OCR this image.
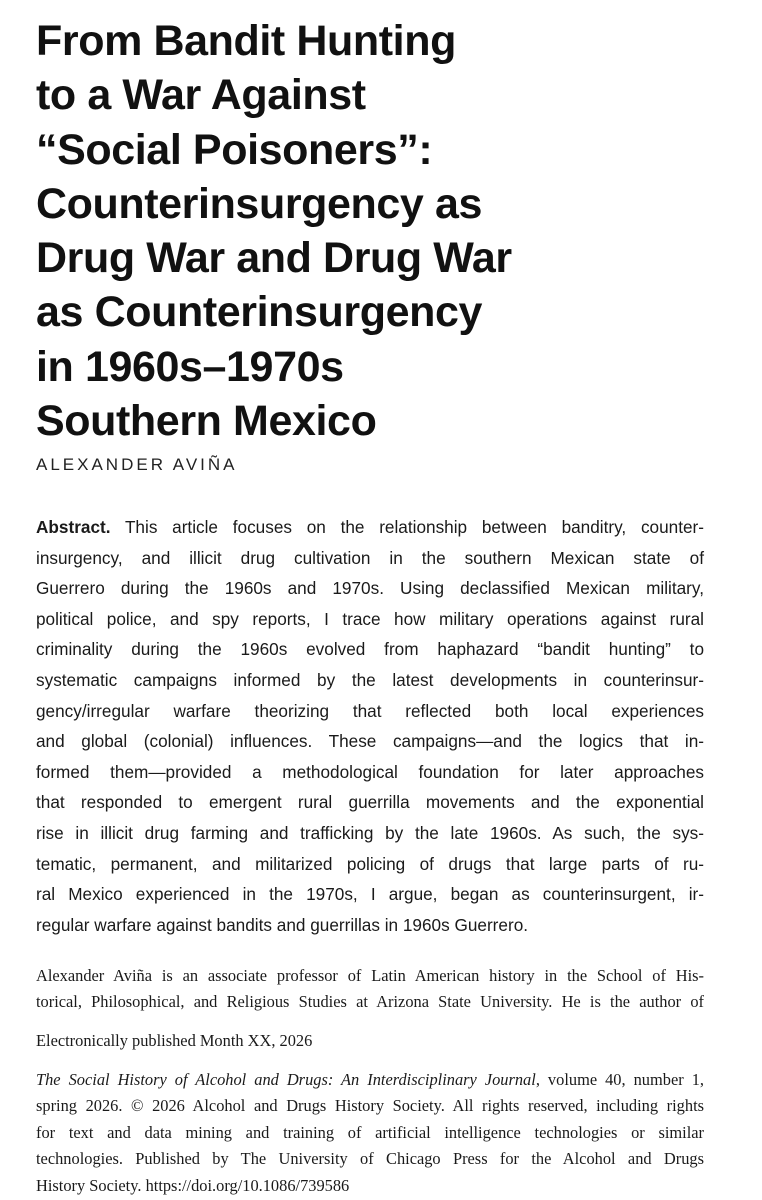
From Bandit Hunting
to a War Against
“Social Poisoners”:
Counterinsurgency as
Drug War and Drug War
as Counterinsurgency
in 1960s–1970s
Southern Mexico

ALEXANDER AVIÑA

Abstract. This article focuses on the relationship between banditry, counter-
insurgency, and illicit drug cultivation in the southern Mexican state of
Guerrero during the 1960s and 1970s. Using declassified Mexican military,
political police, and spy reports, I trace how military operations against rural
criminality during the 1960s evolved from haphazard “bandit hunting” to
systematic campaigns informed by the latest developments in counterinsur-
gency/irregular warfare theorizing that reflected both local experiences
and global (colonial) influences. These campaigns—and the logics that in-
formed them—provided a methodological foundation for later approaches
that responded to emergent rural guerrilla movements and the exponential
rise in illicit drug farming and trafficking by the late 1960s. As such, the sys-
tematic, permanent, and militarized policing of drugs that large parts of ru-
ral Mexico experienced in the 1970s, I argue, began as counterinsurgent, ir-
regular warfare against bandits and guerrillas in 1960s Guerrero.

Alexander Aviña is an associate professor of Latin American history in the School of His-
torical, Philosophical, and Religious Studies at Arizona State University. He is the author of

Electronically published Month XX, 2026

The Social History of Alcohol and Drugs: An Interdisciplinary Journal, volume 40, number 1,
spring 2026. © 2026 Alcohol and Drugs History Society. All rights reserved, including rights
for text and data mining and training of artificial intelligence technologies or similar
technologies. Published by The University of Chicago Press for the Alcohol and Drugs
History Society. https://doi.org/10.1086/739586
